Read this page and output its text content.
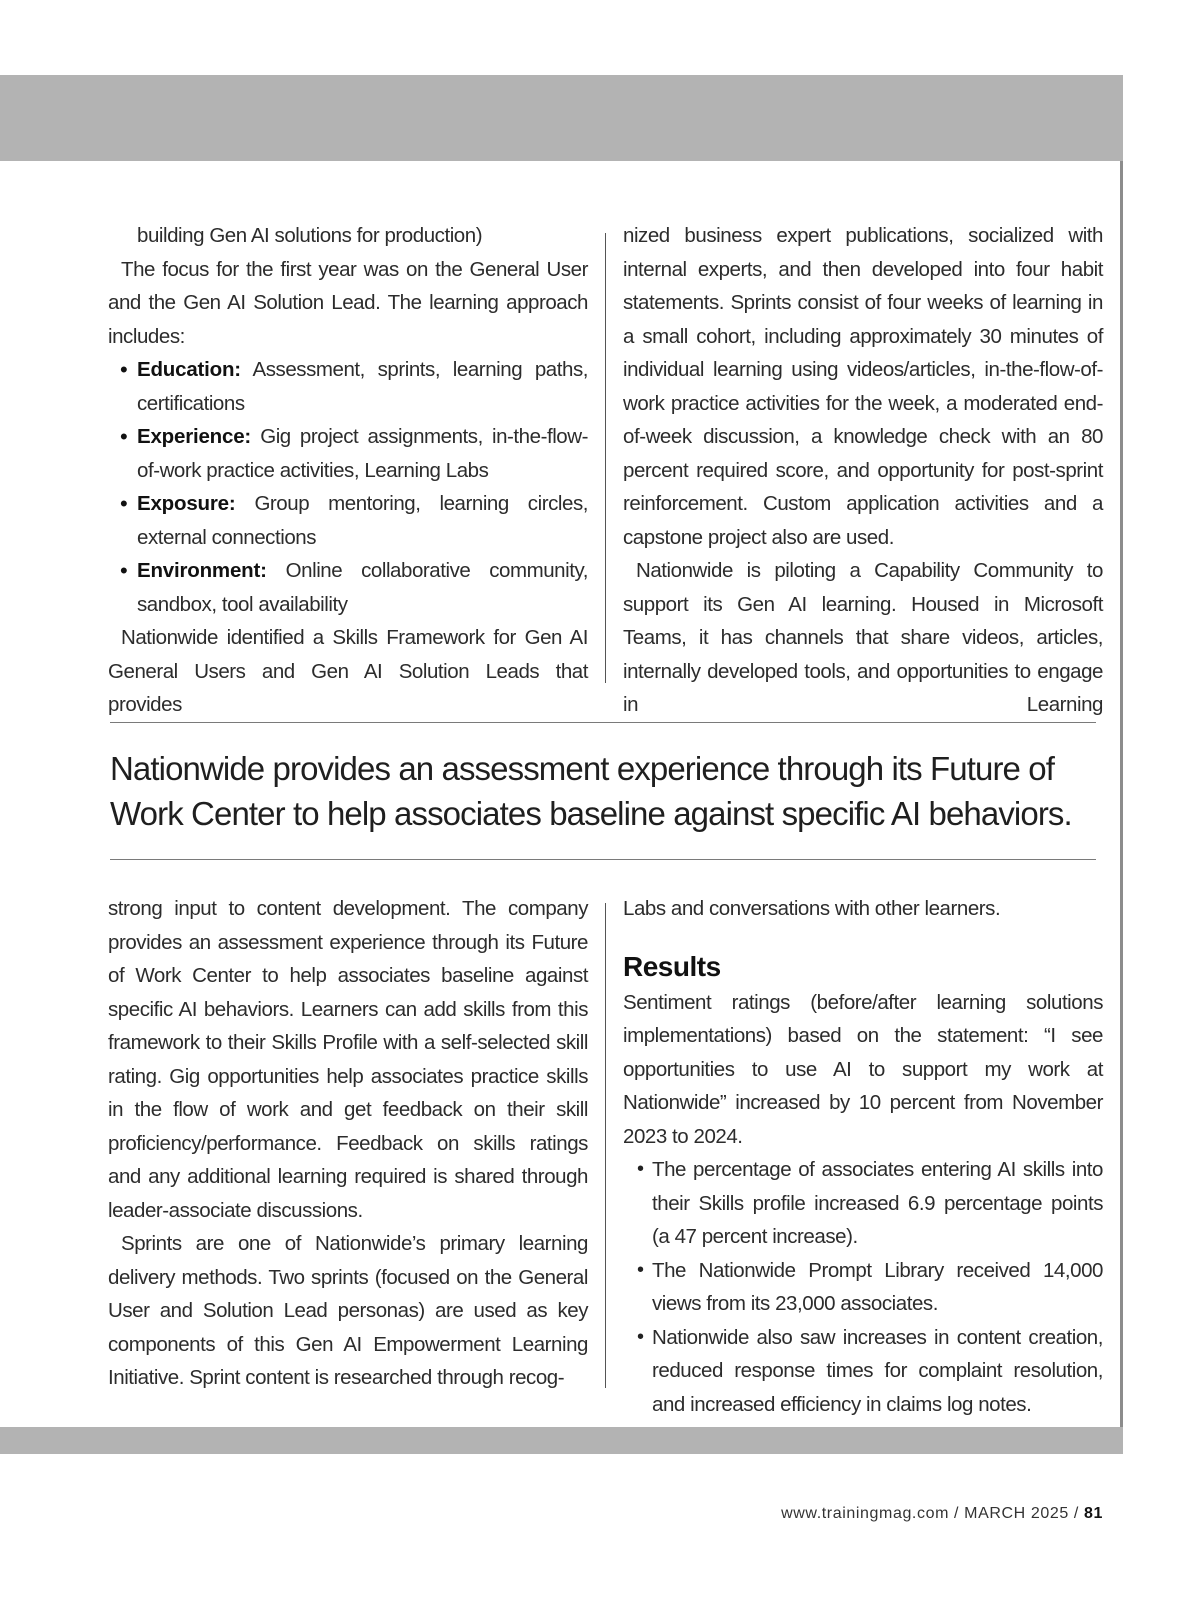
building Gen AI solutions for production)

The focus for the first year was on the General User and the Gen AI Solution Lead. The learning approach includes:

• Education: Assessment, sprints, learning paths, certifications
• Experience: Gig project assignments, in-the-flow-of-work practice activities, Learning Labs
• Exposure: Group mentoring, learning circles, external connections
• Environment: Online collaborative community, sandbox, tool availability

Nationwide identified a Skills Framework for Gen AI General Users and Gen AI Solution Leads that provides

nized business expert publications, socialized with internal experts, and then developed into four habit statements. Sprints consist of four weeks of learning in a small cohort, including approximately 30 minutes of individual learning using videos/articles, in-the-flow-of-work practice activities for the week, a moderated end-of-week discussion, a knowledge check with an 80 percent required score, and opportunity for post-sprint reinforcement. Custom application activities and a capstone project also are used.

Nationwide is piloting a Capability Community to support its Gen AI learning. Housed in Microsoft Teams, it has channels that share videos, articles, internally developed tools, and opportunities to engage in Learning

Nationwide provides an assessment experience through its Future of Work Center to help associates baseline against specific AI behaviors.

strong input to content development. The company provides an assessment experience through its Future of Work Center to help associates baseline against specific AI behaviors. Learners can add skills from this framework to their Skills Profile with a self-selected skill rating. Gig opportunities help associates practice skills in the flow of work and get feedback on their skill proficiency/performance. Feedback on skills ratings and any additional learning required is shared through leader-associate discussions.

Sprints are one of Nationwide’s primary learning delivery methods. Two sprints (focused on the General User and Solution Lead personas) are used as key components of this Gen AI Empowerment Learning Initiative. Sprint content is researched through recog-

Labs and conversations with other learners.

Results

Sentiment ratings (before/after learning solutions implementations) based on the statement: “I see opportunities to use AI to support my work at Nationwide” increased by 10 percent from November 2023 to 2024.

• The percentage of associates entering AI skills into their Skills profile increased 6.9 percentage points (a 47 percent increase).
• The Nationwide Prompt Library received 14,000 views from its 23,000 associates.
• Nationwide also saw increases in content creation, reduced response times for complaint resolution, and increased efficiency in claims log notes.
www.trainingmag.com / MARCH 2025 / 81
